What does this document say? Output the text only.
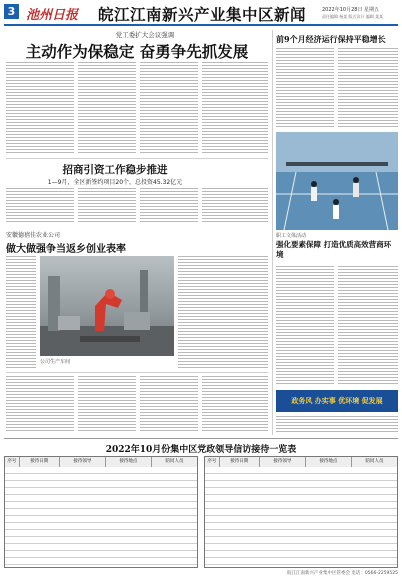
3 池州日报 皖江江南新兴产业集中区新闻	2022年10月28日 星期五
责任编辑 杨某 版式设计 编辑 某某
党工委扩大会议强调
主动作为保稳定 奋勇争先抓发展
招商引资工作稳步推进
1—9月，全区新签约项目20个，总投资45.32亿元
安徽德禧佳农业公司
做大做强争当返乡创业表率
公司生产车间
前9个月经济运行保持平稳增长
职工文体活动
强化要素保障 打造优质高效营商环境
政务风 办实事 优环境 促发展
2022年10月份集中区党政领导信访接待一览表
序号	接待日期	接待领导	接待地点	陪同人员	序号	接待日期	接待领导	接待地点	陪同人员
皖江江南新兴产业集中区管委会 电话：0566-2259525
